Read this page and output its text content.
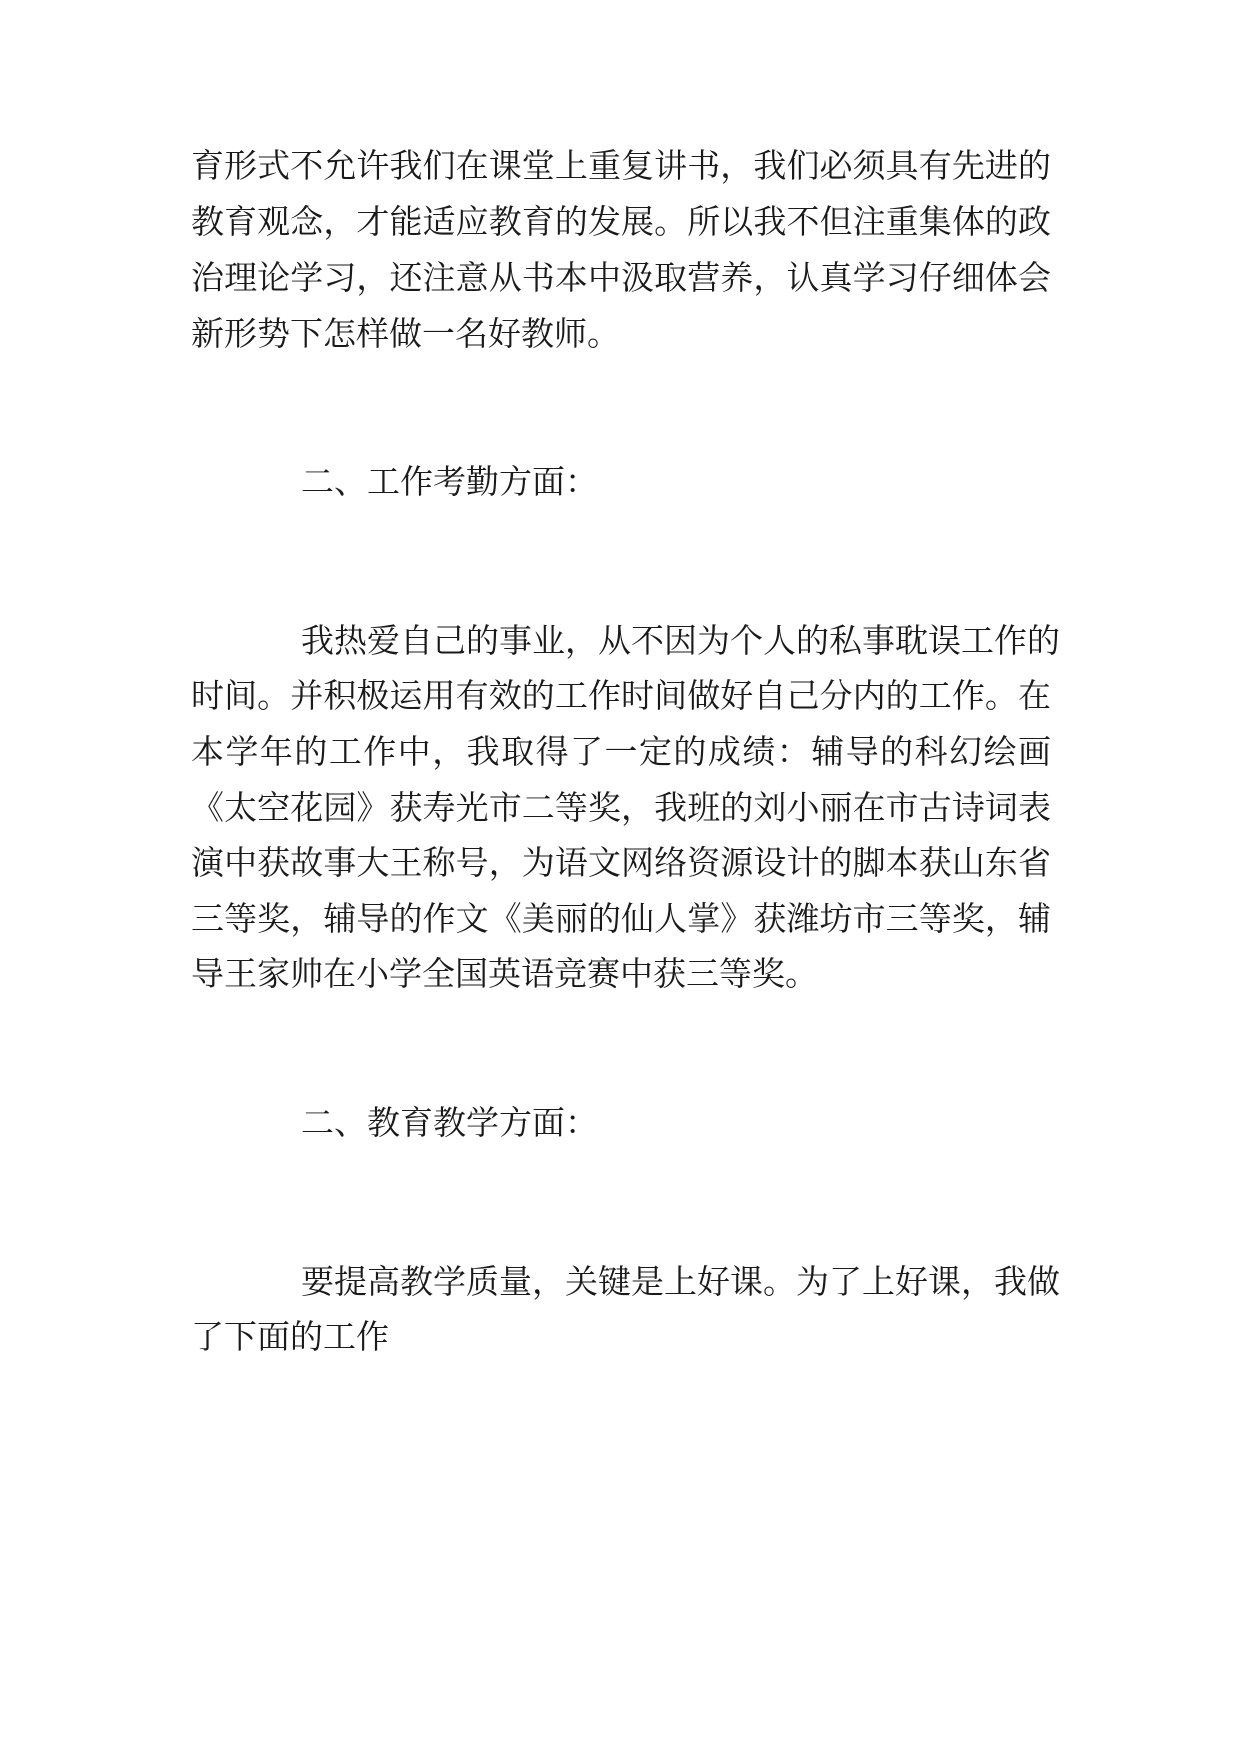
育形式不允许我们在课堂上重复讲书，我们必须具有先进的
教育观念，才能适应教育的发展。所以我不但注重集体的政
治理论学习，还注意从书本中汲取营养，认真学习仔细体会
新形势下怎样做一名好教师。
二、工作考勤方面：
我热爱自己的事业，从不因为个人的私事耽误工作的
时间。并积极运用有效的工作时间做好自己分内的工作。在
本学年的工作中，我取得了一定的成绩：辅导的科幻绘画
《太空花园》获寿光市二等奖，我班的刘小丽在市古诗词表
演中获故事大王称号，为语文网络资源设计的脚本获山东省
三等奖，辅导的作文《美丽的仙人掌》获潍坊市三等奖，辅
导王家帅在小学全国英语竞赛中获三等奖。
二、教育教学方面：
要提高教学质量，关键是上好课。为了上好课，我做
了下面的工作
